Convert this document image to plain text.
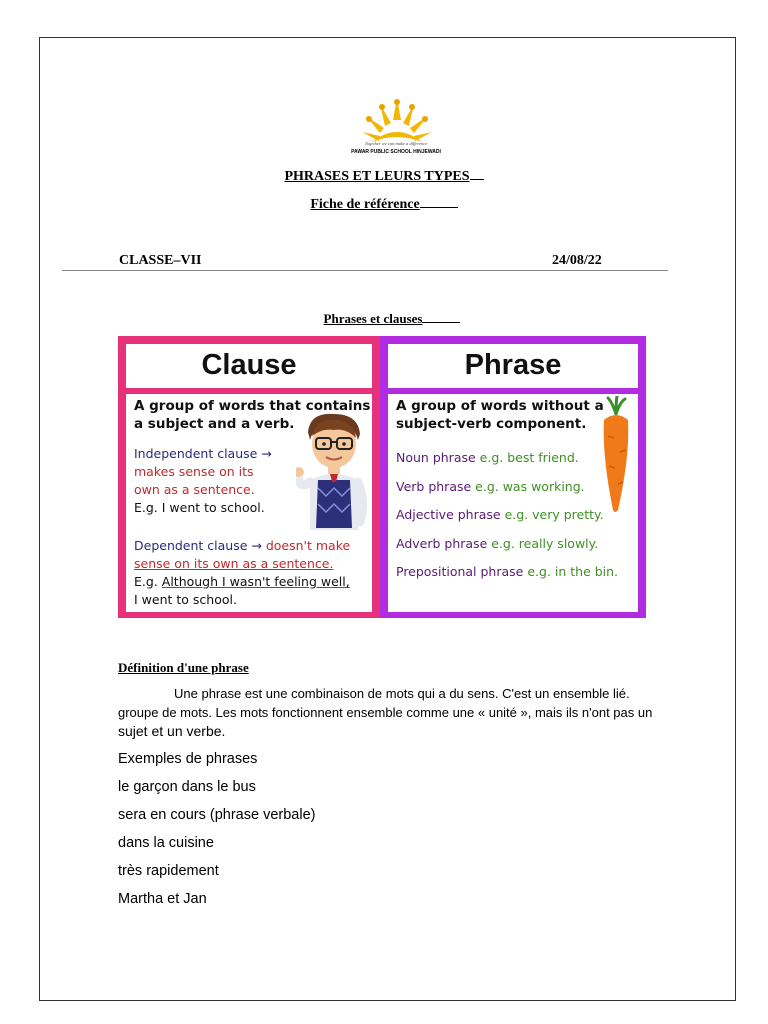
Together we can make a difference
PAWAR PUBLIC SCHOOL HINJEWADI
PHRASES ET LEURS TYPES
Fiche de référence
CLASSE–VII	24/08/22
Phrases et clauses
Clause
A group of words that contains
a subject and a verb.
Independent clause →
makes sense on its
own as a sentence.
E.g. I went to school.
Dependent clause → doesn't make
sense on its own as a sentence.
E.g. Although I wasn't feeling well,
I went to school.
Phrase
A group of words without a
subject-verb component.
Noun phrase e.g. best friend.
Verb phrase e.g. was working.
Adjective phrase e.g. very pretty.
Adverb phrase e.g. really slowly.
Prepositional phrase e.g. in the bin.
Définition d'une phrase
Une phrase est une combinaison de mots qui a du sens. C'est un ensemble lié.
groupe de mots. Les mots fonctionnent ensemble comme une « unité », mais ils n'ont pas un
sujet et un verbe.
Exemples de phrases
le garçon dans le bus
sera en cours (phrase verbale)
dans la cuisine
très rapidement
Martha et Jan
